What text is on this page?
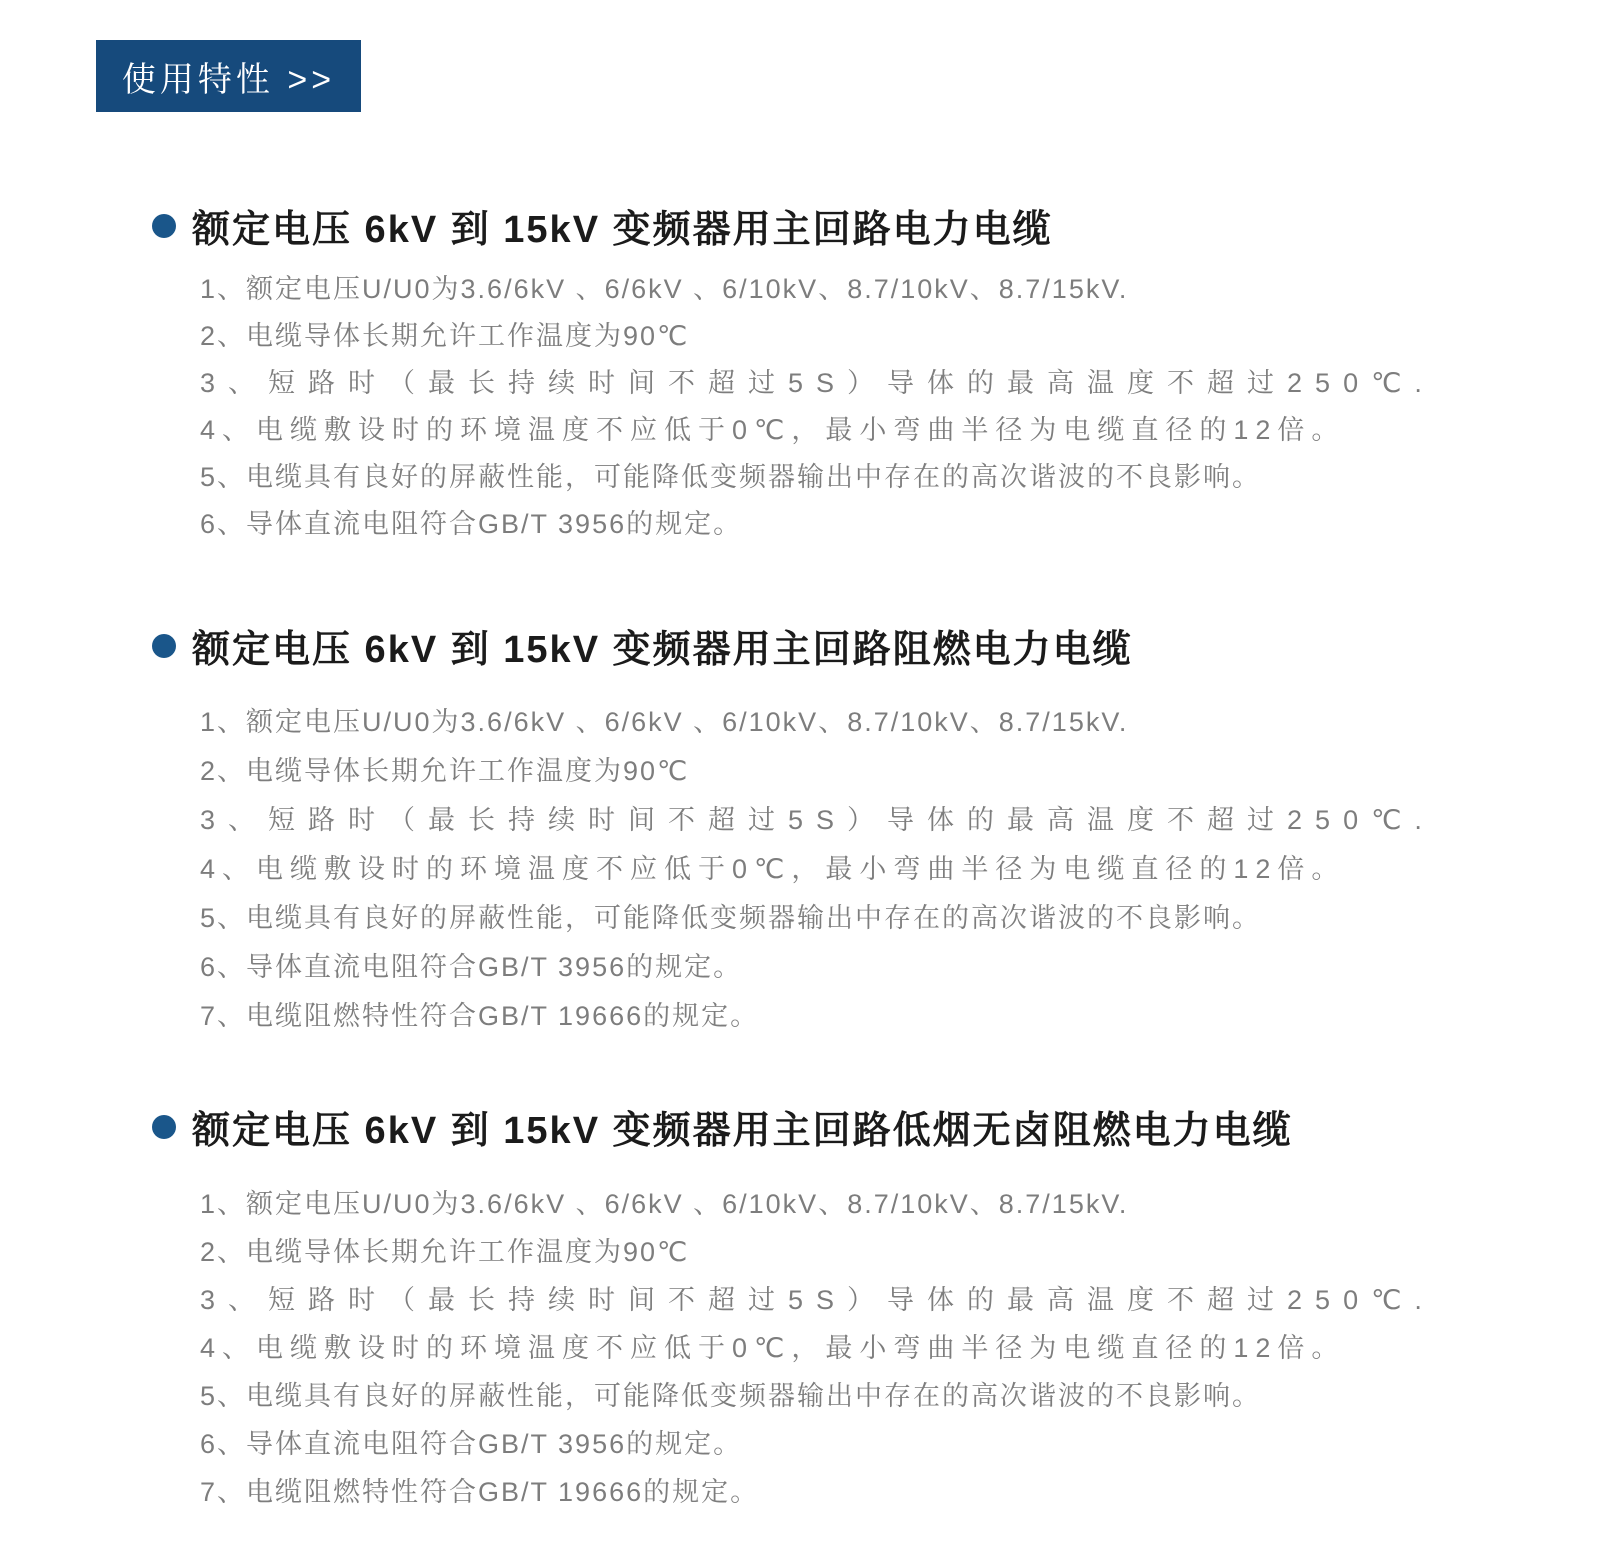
使用特性 >>
额定电压 6kV 到 15kV 变频器用主回路电力电缆
1、额定电压U/U0为3.6/6kV 、6/6kV 、6/10kV、8.7/10kV、8.7/15kV.
2、电缆导体长期允许工作温度为90℃
3、短路时（最长持续时间不超过5S）导体的最高温度不超过250℃.
4、电缆敷设时的环境温度不应低于0℃，最小弯曲半径为电缆直径的12倍。
5、电缆具有良好的屏蔽性能，可能降低变频器输出中存在的高次谐波的不良影响。
6、导体直流电阻符合GB/T 3956的规定。
额定电压 6kV 到 15kV 变频器用主回路阻燃电力电缆
1、额定电压U/U0为3.6/6kV 、6/6kV 、6/10kV、8.7/10kV、8.7/15kV.
2、电缆导体长期允许工作温度为90℃
3、短路时（最长持续时间不超过5S）导体的最高温度不超过250℃.
4、电缆敷设时的环境温度不应低于0℃，最小弯曲半径为电缆直径的12倍。
5、电缆具有良好的屏蔽性能，可能降低变频器输出中存在的高次谐波的不良影响。
6、导体直流电阻符合GB/T 3956的规定。
7、电缆阻燃特性符合GB/T 19666的规定。
额定电压 6kV 到 15kV 变频器用主回路低烟无卤阻燃电力电缆
1、额定电压U/U0为3.6/6kV 、6/6kV 、6/10kV、8.7/10kV、8.7/15kV.
2、电缆导体长期允许工作温度为90℃
3、短路时（最长持续时间不超过5S）导体的最高温度不超过250℃.
4、电缆敷设时的环境温度不应低于0℃，最小弯曲半径为电缆直径的12倍。
5、电缆具有良好的屏蔽性能，可能降低变频器输出中存在的高次谐波的不良影响。
6、导体直流电阻符合GB/T 3956的规定。
7、电缆阻燃特性符合GB/T 19666的规定。
